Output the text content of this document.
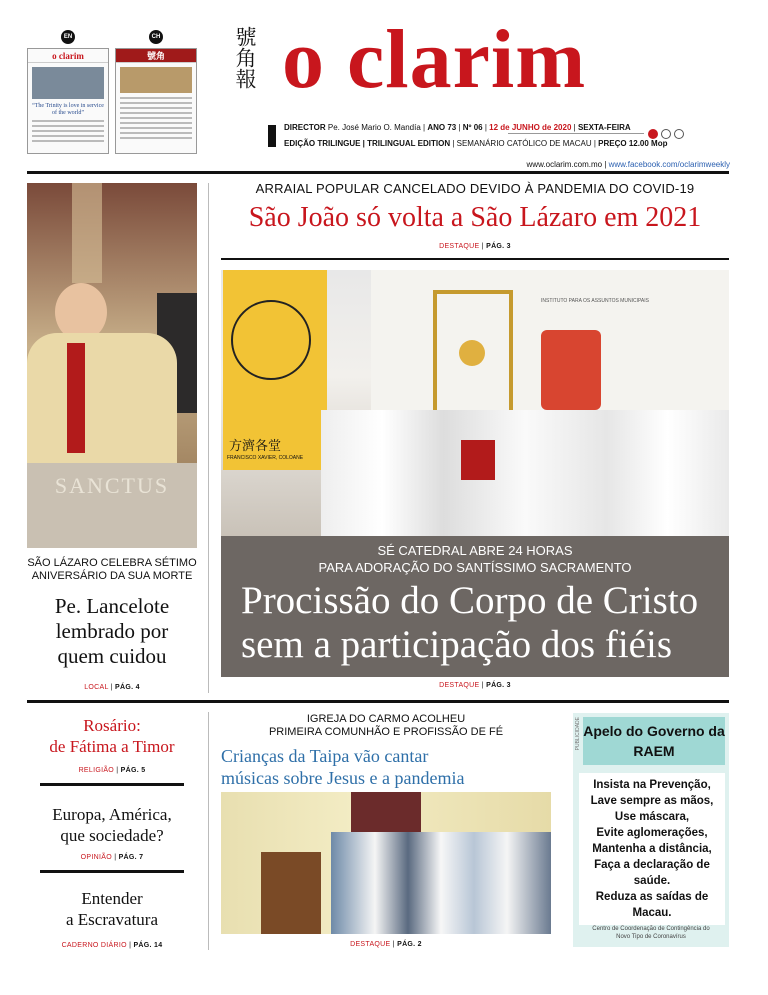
EN	CH
o clarim
“The Trinity is love in service of the world”
號角	號角報 o clarim
DIRECTOR Pe. José Mario O. Mandía | ANO 73 | Nº 06 | 12 de JUNHO de 2020 | SEXTA-FEIRA
EDIÇÃO TRILINGUE | TRILINGUAL EDITION | SEMANÁRIO CATÓLICO DE MACAU | PREÇO 12.00 Mop
www.oclarim.com.mo | www.facebook.com/oclarimweekly
SANCTUS
ARRAIAL POPULAR CANCELADO DEVIDO À PANDEMIA DO COVID-19
São João só volta a São Lázaro em 2021
DESTAQUE | PÁG. 3
INSTITUTO PARA OS ASSUNTOS MUNICIPAIS
方濟各堂
FRANCISCO XAVIER, COLOANE
SÉ CATEDRAL ABRE 24 HORAS
PARA ADORAÇÃO DO SANTÍSSIMO SACRAMENTO
Procissão do Corpo de Cristo
sem a participação dos fiéis
DESTAQUE | PÁG. 3
SÃO LÁZARO CELEBRA SÉTIMO
ANIVERSÁRIO DA SUA MORTE
Pe. Lancelote
lembrado por
quem cuidou
LOCAL | PÁG. 4
Rosário:
de Fátima a Timor
RELIGIÃO | PÁG. 5
Europa, América,
que sociedade?
OPINIÃO | PÁG. 7
Entender
a Escravatura
CADERNO DIÁRIO | PÁG. 14
IGREJA DO CARMO ACOLHEU
PRIMEIRA COMUNHÃO E PROFISSÃO DE FÉ
Crianças da Taipa vão cantar
músicas sobre Jesus e a pandemia
DESTAQUE | PÁG. 2
PUBLICIDADE Apelo do Governo da
RAEM
Insista na Prevenção,
Lave sempre as mãos,
Use máscara,
Evite aglomerações,
Mantenha a distância,
Faça a declaração de
saúde.
Reduza as saídas de
Macau.
Centro de Coordenação de Contingência do
Novo Tipo de Coronavírus
